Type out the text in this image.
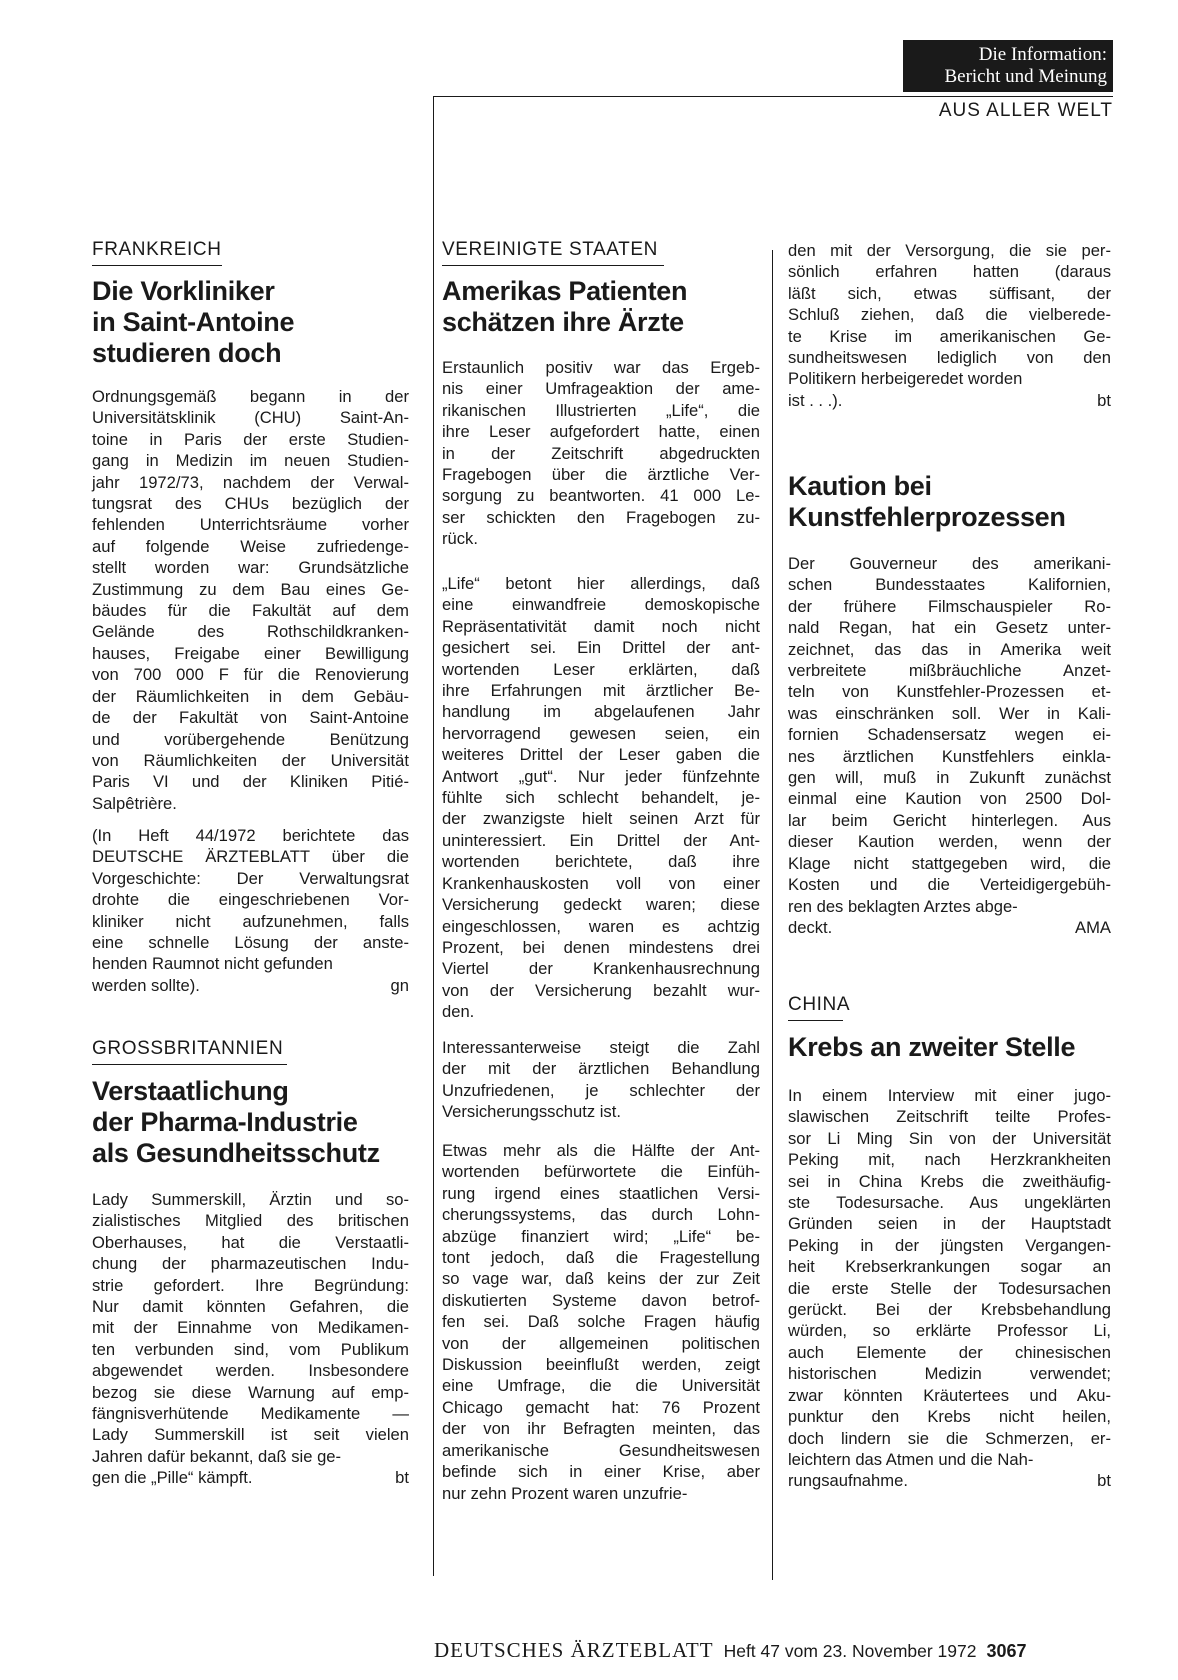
Die Information:
Bericht und Meinung
AUS ALLER WELT
FRANKREICH
Die Vorkliniker
in Saint-Antoine
studieren doch
Ordnungsgemäß begann in der
Universitätsklinik (CHU) Saint-An-
toine in Paris der erste Studien-
gang in Medizin im neuen Studien-
jahr 1972/73, nachdem der Verwal-
tungsrat des CHUs bezüglich der
fehlenden Unterrichtsräume vorher
auf folgende Weise zufriedenge-
stellt worden war: Grundsätzliche
Zustimmung zu dem Bau eines Ge-
bäudes für die Fakultät auf dem
Gelände des Rothschildkranken-
hauses, Freigabe einer Bewilligung
von 700 000 F für die Renovierung
der Räumlichkeiten in dem Gebäu-
de der Fakultät von Saint-Antoine
und vorübergehende Benützung
von Räumlichkeiten der Universität
Paris VI und der Kliniken Pitié-
Salpêtrière.
(In Heft 44/1972 berichtete das
DEUTSCHE ÄRZTEBLATT über die
Vorgeschichte: Der Verwaltungsrat
drohte die eingeschriebenen Vor-
kliniker nicht aufzunehmen, falls
eine schnelle Lösung der anste-
henden Raumnot nicht gefunden
werden sollte).	gn
GROSSBRITANNIEN
Verstaatlichung
der Pharma-Industrie
als Gesundheitsschutz
Lady Summerskill, Ärztin und so-
zialistisches Mitglied des britischen
Oberhauses, hat die Verstaatli-
chung der pharmazeutischen Indu-
strie gefordert. Ihre Begründung:
Nur damit könnten Gefahren, die
mit der Einnahme von Medikamen-
ten verbunden sind, vom Publikum
abgewendet werden. Insbesondere
bezog sie diese Warnung auf emp-
fängnisverhütende Medikamente —
Lady Summerskill ist seit vielen
Jahren dafür bekannt, daß sie ge-
gen die „Pille“ kämpft.	bt
VEREINIGTE STAATEN
Amerikas Patienten
schätzen ihre Ärzte
Erstaunlich positiv war das Ergeb-
nis einer Umfrageaktion der ame-
rikanischen Illustrierten „Life“, die
ihre Leser aufgefordert hatte, einen
in der Zeitschrift abgedruckten
Fragebogen über die ärztliche Ver-
sorgung zu beantworten. 41 000 Le-
ser schickten den Fragebogen zu-
rück.
„Life“ betont hier allerdings, daß
eine einwandfreie demoskopische
Repräsentativität damit noch nicht
gesichert sei. Ein Drittel der ant-
wortenden Leser erklärten, daß
ihre Erfahrungen mit ärztlicher Be-
handlung im abgelaufenen Jahr
hervorragend gewesen seien, ein
weiteres Drittel der Leser gaben die
Antwort „gut“. Nur jeder fünfzehnte
fühlte sich schlecht behandelt, je-
der zwanzigste hielt seinen Arzt für
uninteressiert. Ein Drittel der Ant-
wortenden berichtete, daß ihre
Krankenhauskosten voll von einer
Versicherung gedeckt waren; diese
eingeschlossen, waren es achtzig
Prozent, bei denen mindestens drei
Viertel der Krankenhausrechnung
von der Versicherung bezahlt wur-
den.
Interessanterweise steigt die Zahl
der mit der ärztlichen Behandlung
Unzufriedenen, je schlechter der
Versicherungsschutz ist.
Etwas mehr als die Hälfte der Ant-
wortenden befürwortete die Einfüh-
rung irgend eines staatlichen Versi-
cherungssystems, das durch Lohn-
abzüge finanziert wird; „Life“ be-
tont jedoch, daß die Fragestellung
so vage war, daß keins der zur Zeit
diskutierten Systeme davon betrof-
fen sei. Daß solche Fragen häufig
von der allgemeinen politischen
Diskussion beeinflußt werden, zeigt
eine Umfrage, die die Universität
Chicago gemacht hat: 76 Prozent
der von ihr Befragten meinten, das
amerikanische Gesundheitswesen
befinde sich in einer Krise, aber
nur zehn Prozent waren unzufrie-
den mit der Versorgung, die sie per-
sönlich erfahren hatten (daraus
läßt sich, etwas süffisant, der
Schluß ziehen, daß die vielberede-
te Krise im amerikanischen Ge-
sundheitswesen lediglich von den
Politikern herbeigeredet worden
ist . . .).	bt
Kaution bei
Kunstfehlerprozessen
Der Gouverneur des amerikani-
schen Bundesstaates Kalifornien,
der frühere Filmschauspieler Ro-
nald Regan, hat ein Gesetz unter-
zeichnet, das das in Amerika weit
verbreitete mißbräuchliche Anzet-
teln von Kunstfehler-Prozessen et-
was einschränken soll. Wer in Kali-
fornien Schadensersatz wegen ei-
nes ärztlichen Kunstfehlers einkla-
gen will, muß in Zukunft zunächst
einmal eine Kaution von 2500 Dol-
lar beim Gericht hinterlegen. Aus
dieser Kaution werden, wenn der
Klage nicht stattgegeben wird, die
Kosten und die Verteidigergebüh-
ren des beklagten Arztes abge-
deckt.	AMA
CHINA
Krebs an zweiter Stelle
In einem Interview mit einer jugo-
slawischen Zeitschrift teilte Profes-
sor Li Ming Sin von der Universität
Peking mit, nach Herzkrankheiten
sei in China Krebs die zweithäufig-
ste Todesursache. Aus ungeklärten
Gründen seien in der Hauptstadt
Peking in der jüngsten Vergangen-
heit Krebserkrankungen sogar an
die erste Stelle der Todesursachen
gerückt. Bei der Krebsbehandlung
würden, so erklärte Professor Li,
auch Elemente der chinesischen
historischen Medizin verwendet;
zwar könnten Kräutertees und Aku-
punktur den Krebs nicht heilen,
doch lindern sie die Schmerzen, er-
leichtern das Atmen und die Nah-
rungsaufnahme.	bt
DEUTSCHES ÄRZTEBLATT Heft 47 vom 23. November 1972 3067
